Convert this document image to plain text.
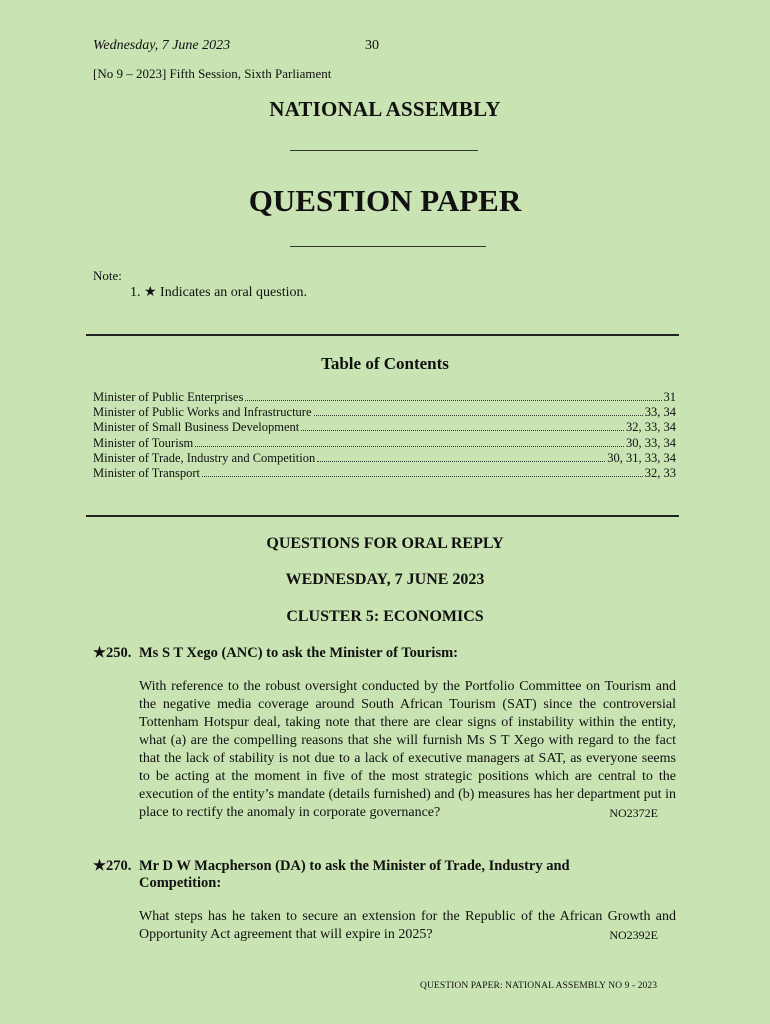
Wednesday, 7 June 2023	30
[No 9 – 2023] Fifth Session, Sixth Parliament
NATIONAL ASSEMBLY
QUESTION PAPER
Note:
1. ★ Indicates an oral question.
Table of Contents
Minister of Public Enterprises	31
Minister of Public Works and Infrastructure	33, 34
Minister of Small Business Development	32, 33, 34
Minister of Tourism	30, 33, 34
Minister of Trade, Industry and Competition	30, 31, 33, 34
Minister of Transport	32, 33
QUESTIONS FOR ORAL REPLY
WEDNESDAY, 7 JUNE 2023
CLUSTER 5: ECONOMICS
★250. Ms S T Xego (ANC) to ask the Minister of Tourism:
With reference to the robust oversight conducted by the Portfolio Committee on Tourism and the negative media coverage around South African Tourism (SAT) since the controversial Tottenham Hotspur deal, taking note that there are clear signs of instability within the entity, what (a) are the compelling reasons that she will furnish Ms S T Xego with regard to the fact that the lack of stability is not due to a lack of executive managers at SAT, as everyone seems to be acting at the moment in five of the most strategic positions which are central to the execution of the entity’s mandate (details furnished) and (b) measures has her department put in place to rectify the anomaly in corporate governance?	NO2372E
★270. Mr D W Macpherson (DA) to ask the Minister of Trade, Industry and
Competition:
What steps has he taken to secure an extension for the Republic of the African Growth and Opportunity Act agreement that will expire in 2025?	NO2392E
QUESTION PAPER: NATIONAL ASSEMBLY NO 9 - 2023
